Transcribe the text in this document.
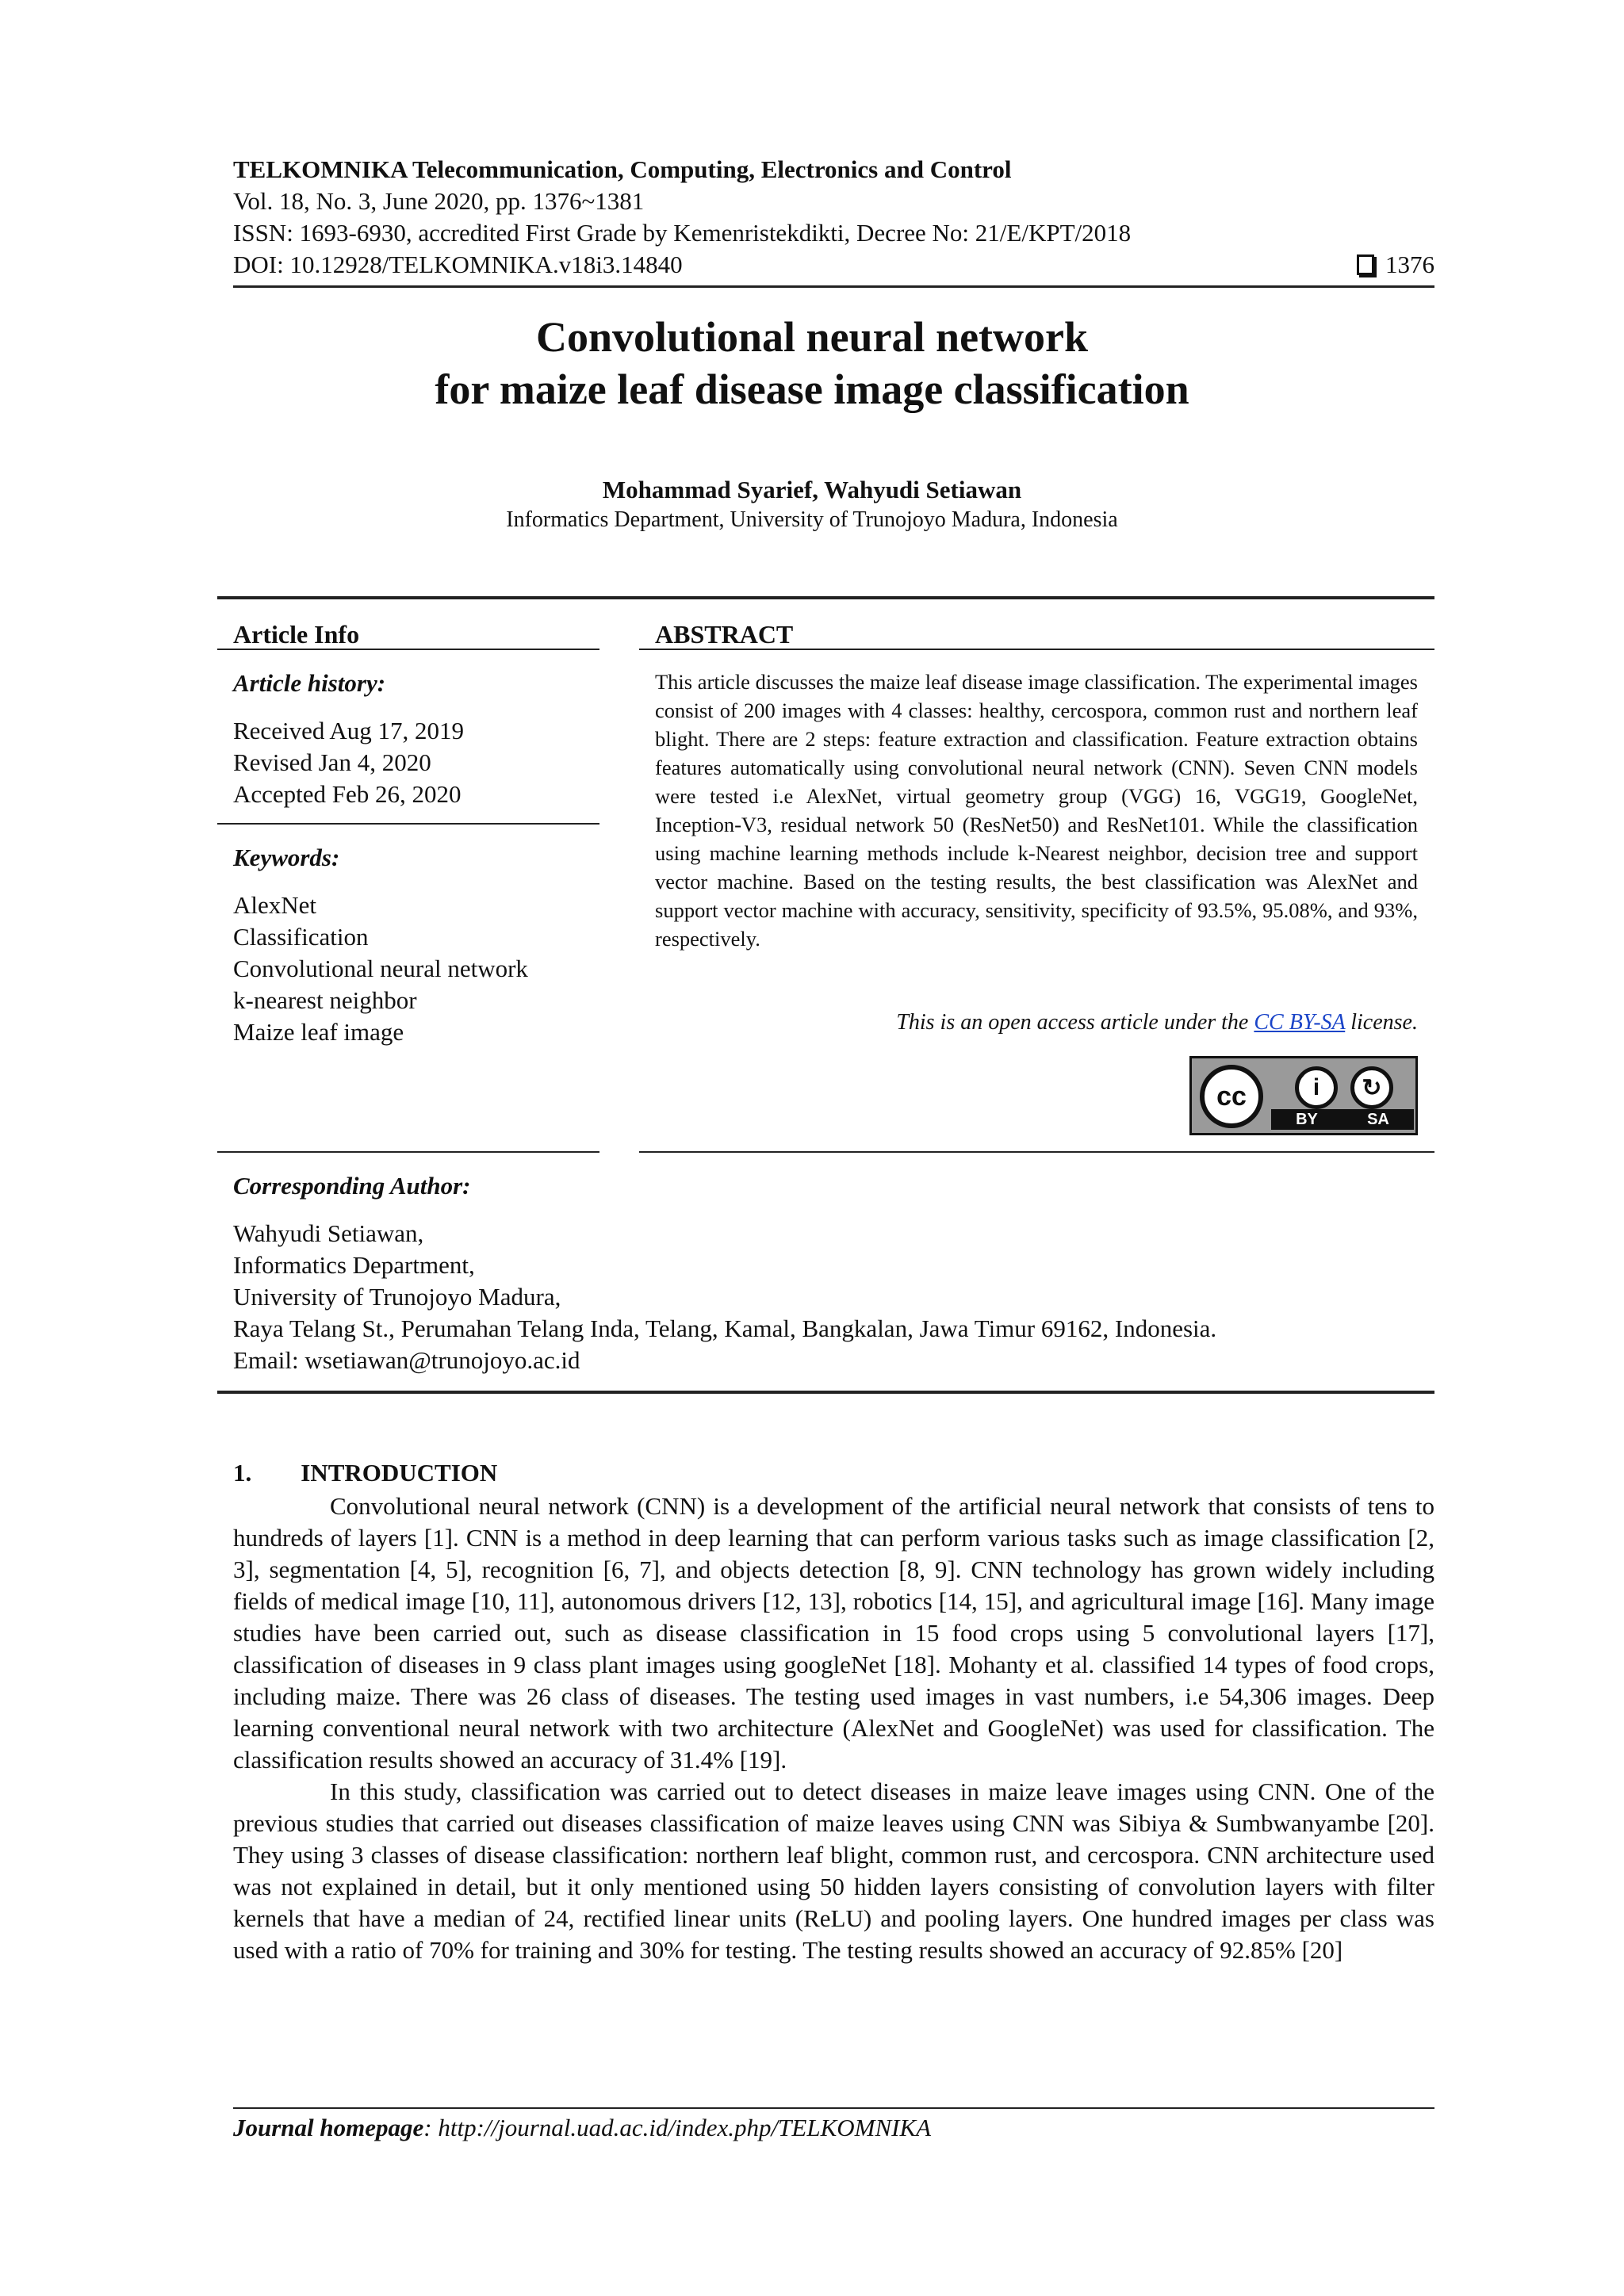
TELKOMNIKA Telecommunication, Computing, Electronics and Control
Vol. 18, No. 3, June 2020, pp. 1376~1381
ISSN: 1693-6930, accredited First Grade by Kemenristekdikti, Decree No: 21/E/KPT/2018
DOI: 10.12928/TELKOMNIKA.v18i3.14840	1376
Convolutional neural network
for maize leaf disease image classification
Mohammad Syarief, Wahyudi Setiawan
Informatics Department, University of Trunojoyo Madura, Indonesia
Article Info
Article history:
Received Aug 17, 2019
Revised Jan 4, 2020
Accepted Feb 26, 2020
Keywords:
AlexNet
Classification
Convolutional neural network
k-nearest neighbor
Maize leaf image
ABSTRACT
This article discusses the maize leaf disease image classification. The experimental images consist of 200 images with 4 classes: healthy, cercospora, common rust and northern leaf blight. There are 2 steps: feature extraction and classification. Feature extraction obtains features automatically using convolutional neural network (CNN). Seven CNN models were tested i.e AlexNet, virtual geometry group (VGG) 16, VGG19, GoogleNet, Inception-V3, residual network 50 (ResNet50) and ResNet101. While the classification using machine learning methods include k-Nearest neighbor, decision tree and support vector machine. Based on the testing results, the best classification was AlexNet and support vector machine with accuracy, sensitivity, specificity of 93.5%, 95.08%, and 93%, respectively.
This is an open access article under the CC BY-SA license.
cc	i	↻
BY	SA
Corresponding Author:
Wahyudi Setiawan,
Informatics Department,
University of Trunojoyo Madura,
Raya Telang St., Perumahan Telang Inda, Telang, Kamal, Bangkalan, Jawa Timur 69162, Indonesia.
Email: wsetiawan@trunojoyo.ac.id
1.  INTRODUCTION

Convolutional neural network (CNN) is a development of the artificial neural network that consists of tens to hundreds of layers [1]. CNN is a method in deep learning that can perform various tasks such as image classification [2, 3], segmentation [4, 5], recognition [6, 7], and objects detection [8, 9]. CNN technology has grown widely including fields of medical image [10, 11], autonomous drivers [12, 13], robotics [14, 15], and agricultural image [16]. Many image studies have been carried out, such as disease classification in 15 food crops using 5 convolutional layers [17], classification of diseases in 9 class plant images using googleNet [18]. Mohanty et al. classified 14 types of food crops, including maize. There was 26 class of diseases. The testing used images in vast numbers, i.e 54,306 images. Deep learning conventional neural network with two architecture (AlexNet and GoogleNet) was used for classification. The classification results showed an accuracy of 31.4% [19].

In this study, classification was carried out to detect diseases in maize leave images using CNN. One of the previous studies that carried out diseases classification of maize leaves using CNN was Sibiya & Sumbwanyambe [20]. They using 3 classes of disease classification: northern leaf blight, common rust, and cercospora. CNN architecture used was not explained in detail, but it only mentioned using 50 hidden layers consisting of convolution layers with filter kernels that have a median of 24, rectified linear units (ReLU) and pooling layers. One hundred images per class was used with a ratio of 70% for training and 30% for testing. The testing results showed an accuracy of 92.85% [20]

Journal homepage: http://journal.uad.ac.id/index.php/TELKOMNIKA
